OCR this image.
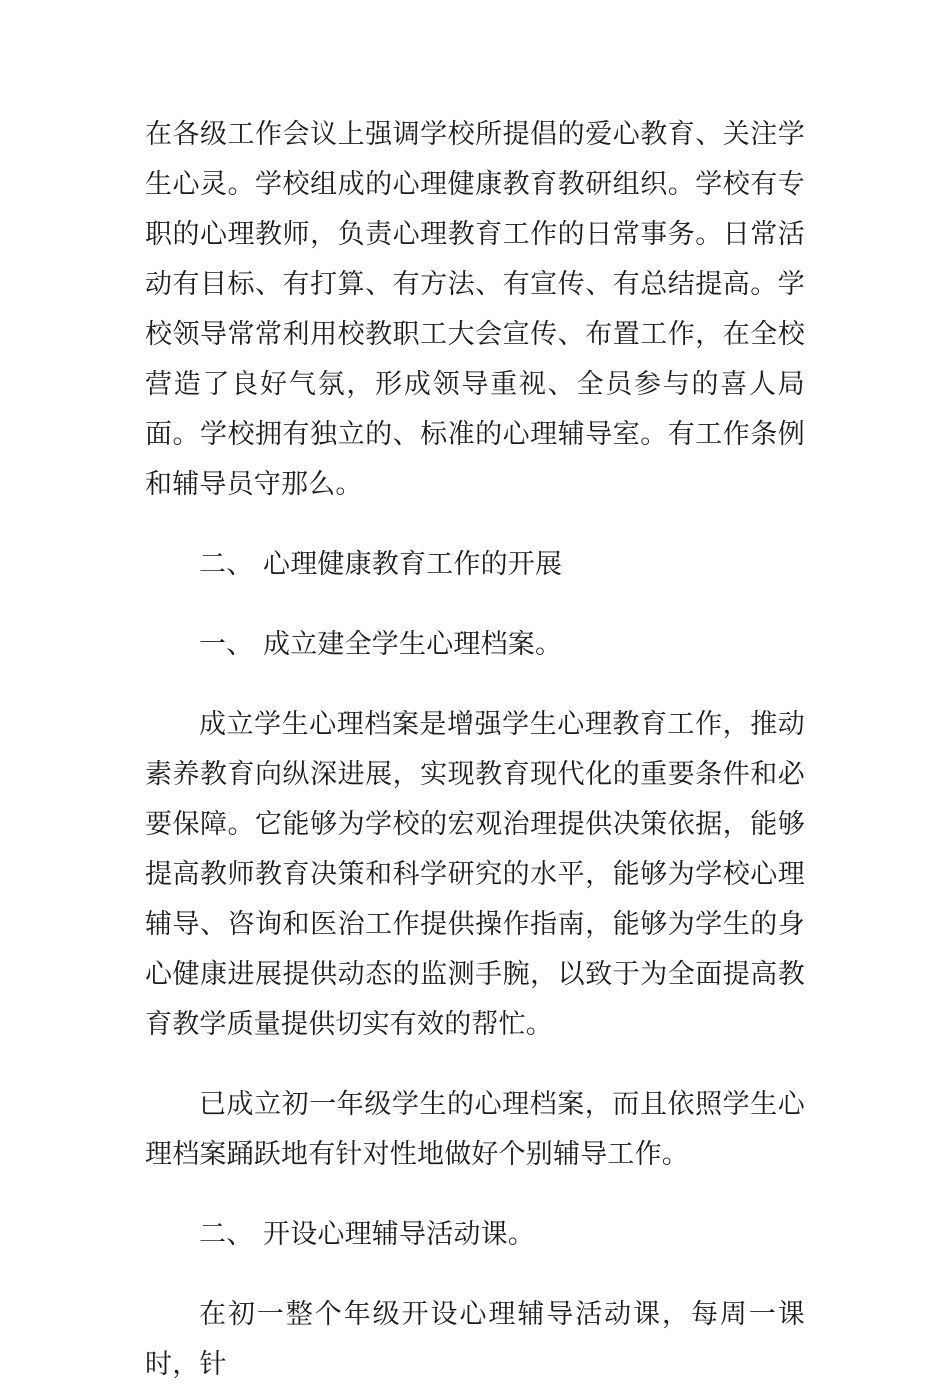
在各级工作会议上强调学校所提倡的爱心教育、关注学生心灵。学校组成的心理健康教育教研组织。学校有专职的心理教师，负责心理教育工作的日常事务。日常活动有目标、有打算、有方法、有宣传、有总结提高。学校领导常常利用校教职工大会宣传、布置工作，在全校营造了良好气氛，形成领导重视、全员参与的喜人局面。学校拥有独立的、标准的心理辅导室。有工作条例和辅导员守那么。

二、 心理健康教育工作的开展

一、 成立建全学生心理档案。

成立学生心理档案是增强学生心理教育工作，推动素养教育向纵深进展，实现教育现代化的重要条件和必要保障。它能够为学校的宏观治理提供决策依据，能够提高教师教育决策和科学研究的水平，能够为学校心理辅导、咨询和医治工作提供操作指南，能够为学生的身心健康进展提供动态的监测手腕，以致于为全面提高教育教学质量提供切实有效的帮忙。

已成立初一年级学生的心理档案，而且依照学生心理档案踊跃地有针对性地做好个别辅导工作。

二、 开设心理辅导活动课。

在初一整个年级开设心理辅导活动课，每周一课时，针
